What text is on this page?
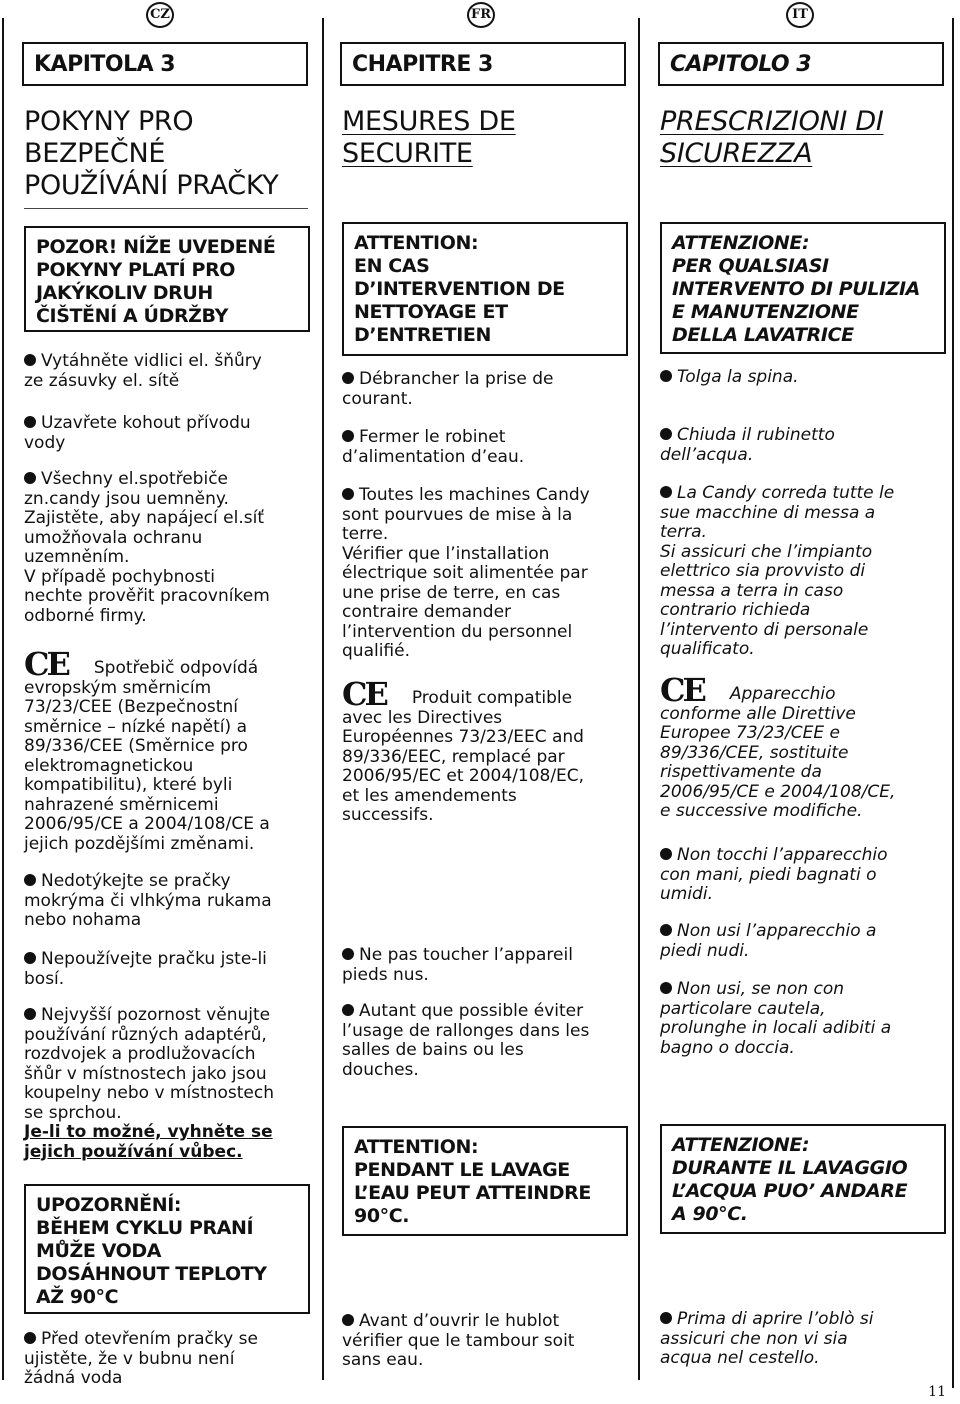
CZ	FR	IT
KAPITOLA 3
POKYNY PRO
BEZPEČNÉ
POUŽÍVÁNÍ PRAČKY
POZOR! NÍŽE UVEDENÉ
POKYNY PLATÍ PRO
JAKÝKOLIV DRUH
ČIŠTĚNÍ A ÚDRŽBY
Vytáhněte vidlici el. šňůry
ze zásuvky el. sítě
Uzavřete kohout přívodu
vody
Všechny el.spotřebiče
zn.candy jsou uemněny.
Zajistěte, aby napájecí el.síť
umožňovala ochranu
uzemněním.
V případě pochybnosti
nechte prověřit pracovníkem
odborné firmy.
CE Spotřebič odpovídá
evropským směrnicím
73/23/CEE (Bezpečnostní
směrnice – nízké napětí) a
89/336/CEE (Směrnice pro
elektromagnetickou
kompatibilitu), které byli
nahrazené směrnicemi
2006/95/CE a 2004/108/CE a
jejich pozdějšími změnami.
Nedotýkejte se pračky
mokrýma či vlhkýma rukama
nebo nohama
Nepoužívejte pračku jste-li
bosí.
Nejvyšší pozornost věnujte
používání různých adaptérů,
rozdvojek a prodlužovacích
šňůr v místnostech jako jsou
koupelny nebo v místnostech
se sprchou.
Je-li to možné, vyhněte se
jejich používání vůbec.
UPOZORNĚNÍ:
BĚHEM CYKLU PRANÍ
MŮŽE VODA
DOSÁHNOUT TEPLOTY
AŽ 90°C
Před otevřením pračky se
ujistěte, že v bubnu není
žádná voda
CHAPITRE 3
MESURES DE
SECURITE
ATTENTION:
EN CAS
D’INTERVENTION DE
NETTOYAGE ET
D’ENTRETIEN
Débrancher la prise de
courant.
Fermer le robinet
d’alimentation d’eau.
Toutes les machines Candy
sont pourvues de mise à la
terre.
Vérifier que l’installation
électrique soit alimentée par
une prise de terre, en cas
contraire demander
l’intervention du personnel
qualifié.
CE Produit compatible
avec les Directives
Européennes 73/23/EEC and
89/336/EEC, remplacé par
2006/95/EC et 2004/108/EC,
et les amendements
successifs.
Ne pas toucher l’appareil
pieds nus.
Autant que possible éviter
l’usage de rallonges dans les
salles de bains ou les
douches.
ATTENTION:
PENDANT LE LAVAGE
L’EAU PEUT ATTEINDRE
90°C.
Avant d’ouvrir le hublot
vérifier que le tambour soit
sans eau.
CAPITOLO 3
PRESCRIZIONI DI
SICUREZZA
ATTENZIONE:
PER QUALSIASI
INTERVENTO DI PULIZIA
E MANUTENZIONE
DELLA LAVATRICE
Tolga la spina.
Chiuda il rubinetto
dell’acqua.
La Candy correda tutte le
sue macchine di messa a
terra.
Si assicuri che l’impianto
elettrico sia provvisto di
messa a terra in caso
contrario richieda
l’intervento di personale
qualificato.
CE Apparecchio
conforme alle Direttive
Europee 73/23/CEE e
89/336/CEE, sostituite
rispettivamente da
2006/95/CE e 2004/108/CE,
e successive modifiche.
Non tocchi l’apparecchio
con mani, piedi bagnati o
umidi.
Non usi l’apparecchio a
piedi nudi.
Non usi, se non con
particolare cautela,
prolunghe in locali adibiti a
bagno o doccia.
ATTENZIONE:
DURANTE IL LAVAGGIO
L’ACQUA PUO’ ANDARE
A 90°C.
Prima di aprire l’oblò si
assicuri che non vi sia
acqua nel cestello.
11
